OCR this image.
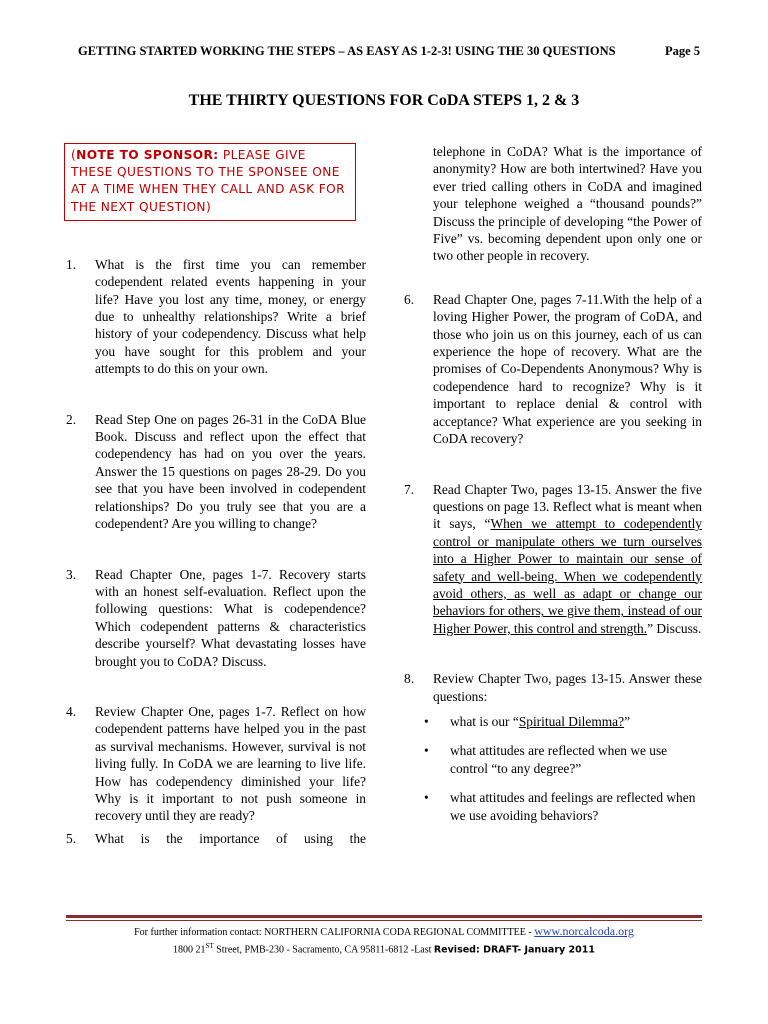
GETTING STARTED WORKING THE STEPS – AS EASY AS 1-2-3! USING THE 30 QUESTIONS	Page 5
THE THIRTY QUESTIONS FOR CoDA STEPS 1, 2 & 3
(NOTE TO SPONSOR: PLEASE GIVE THESE QUESTIONS TO THE SPONSEE ONE AT A TIME WHEN THEY CALL AND ASK FOR THE NEXT QUESTION)
1. What is the first time you can remember codependent related events happening in your life? Have you lost any time, money, or energy due to unhealthy relationships? Write a brief history of your codependency. Discuss what help you have sought for this problem and your attempts to do this on your own.
2. Read Step One on pages 26-31 in the CoDA Blue Book. Discuss and reflect upon the effect that codependency has had on you over the years. Answer the 15 questions on pages 28-29. Do you see that you have been involved in codependent relationships? Do you truly see that you are a codependent? Are you willing to change?
3. Read Chapter One, pages 1-7. Recovery starts with an honest self-evaluation. Reflect upon the following questions: What is codependence? Which codependent patterns & characteristics describe yourself? What devastating losses have brought you to CoDA? Discuss.
4. Review Chapter One, pages 1-7. Reflect on how codependent patterns have helped you in the past as survival mechanisms. However, survival is not living fully. In CoDA we are learning to live life. How has codependency diminished your life? Why is it important to not push someone in recovery until they are ready?
5. What is the importance of using the
telephone in CoDA? What is the importance of anonymity? How are both intertwined? Have you ever tried calling others in CoDA and imagined your telephone weighed a “thousand pounds?” Discuss the principle of developing “the Power of Five” vs. becoming dependent upon only one or two other people in recovery.
6. Read Chapter One, pages 7-11.With the help of a loving Higher Power, the program of CoDA, and those who join us on this journey, each of us can experience the hope of recovery. What are the promises of Co-Dependents Anonymous? Why is codependence hard to recognize? Why is it important to replace denial & control with acceptance? What experience are you seeking in CoDA recovery?
7. Read Chapter Two, pages 13-15. Answer the five questions on page 13. Reflect what is meant when it says, “When we attempt to codependently control or manipulate others we turn ourselves into a Higher Power to maintain our sense of safety and well-being. When we codependently avoid others, as well as adapt or change our behaviors for others, we give them, instead of our Higher Power, this control and strength.” Discuss.
8. Review Chapter Two, pages 13-15. Answer these questions:
• what is our “Spiritual Dilemma?”
• what attitudes are reflected when we use control “to any degree?”
• what attitudes and feelings are reflected when we use avoiding behaviors?
For further information contact: NORTHERN CALIFORNIA CODA REGIONAL COMMITTEE - www.norcalcoda.org
1800 21ST Street, PMB-230 - Sacramento, CA 95811-6812 -Last Revised: DRAFT- January 2011
